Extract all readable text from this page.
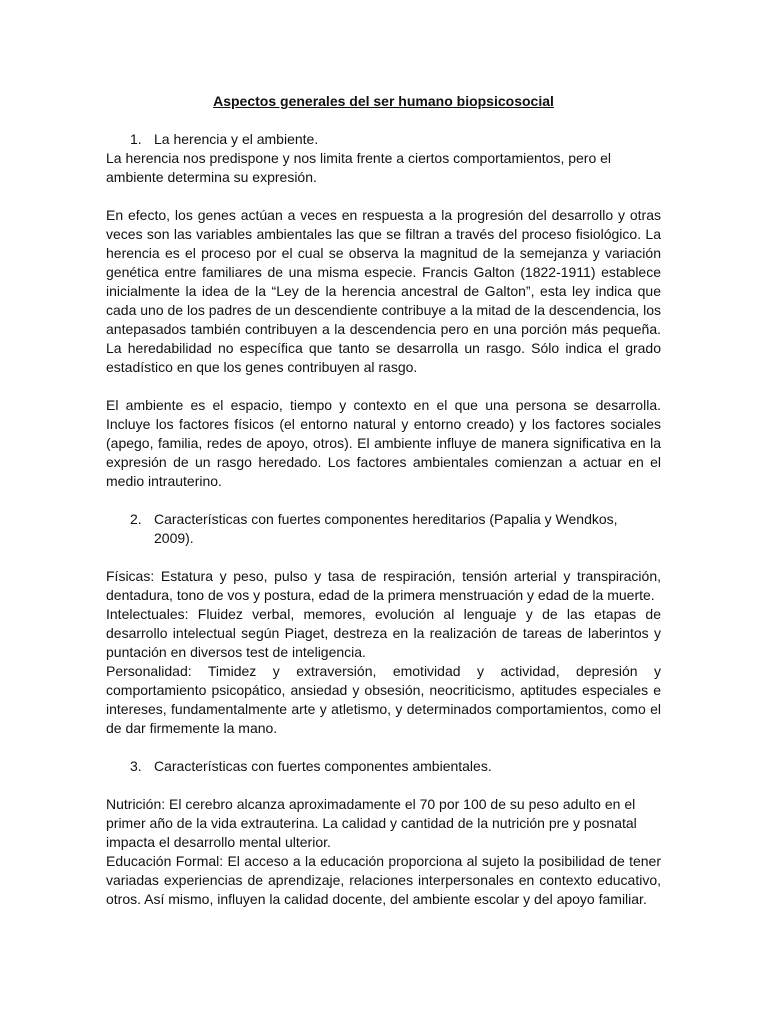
Aspectos generales del ser humano biopsicosocial
1. La herencia y el ambiente.

La herencia nos predispone y nos limita frente a ciertos comportamientos, pero el ambiente determina su expresión.

En efecto, los genes actúan a veces en respuesta a la progresión del desarrollo y otras veces son las variables ambientales las que se filtran a través del proceso fisiológico. La herencia es el proceso por el cual se observa la magnitud de la semejanza y variación genética entre familiares de una misma especie. Francis Galton (1822-1911) establece inicialmente la idea de la “Ley de la herencia ancestral de Galton”, esta ley indica que cada uno de los padres de un descendiente contribuye a la mitad de la descendencia, los antepasados también contribuyen a la descendencia pero en una porción más pequeña. La heredabilidad no específica que tanto se desarrolla un rasgo. Sólo indica el grado estadístico en que los genes contribuyen al rasgo.

El ambiente es el espacio, tiempo y contexto en el que una persona se desarrolla. Incluye los factores físicos (el entorno natural y entorno creado) y los factores sociales (apego, familia, redes de apoyo, otros). El ambiente influye de manera significativa en la expresión de un rasgo heredado. Los factores ambientales comienzan a actuar en el medio intrauterino.

2. Características con fuertes componentes hereditarios (Papalia y Wendkos, 2009).

Físicas: Estatura y peso, pulso y tasa de respiración, tensión arterial y transpiración, dentadura, tono de vos y postura, edad de la primera menstruación y edad de la muerte.

Intelectuales: Fluidez verbal, memores, evolución al lenguaje y de las etapas de desarrollo intelectual según Piaget, destreza en la realización de tareas de laberintos y puntación en diversos test de inteligencia.

Personalidad: Timidez y extraversión, emotividad y actividad, depresión y comportamiento psicopático, ansiedad y obsesión, neocriticismo, aptitudes especiales e intereses, fundamentalmente arte y atletismo, y determinados comportamientos, como el de dar firmemente la mano.

3. Características con fuertes componentes ambientales.

Nutrición: El cerebro alcanza aproximadamente el 70 por 100 de su peso adulto en el primer año de la vida extrauterina. La calidad y cantidad de la nutrición pre y posnatal impacta el desarrollo mental ulterior.

Educación Formal: El acceso a la educación proporciona al sujeto la posibilidad de tener variadas experiencias de aprendizaje, relaciones interpersonales en contexto educativo, otros. Así mismo, influyen la calidad docente, del ambiente escolar y del apoyo familiar.
